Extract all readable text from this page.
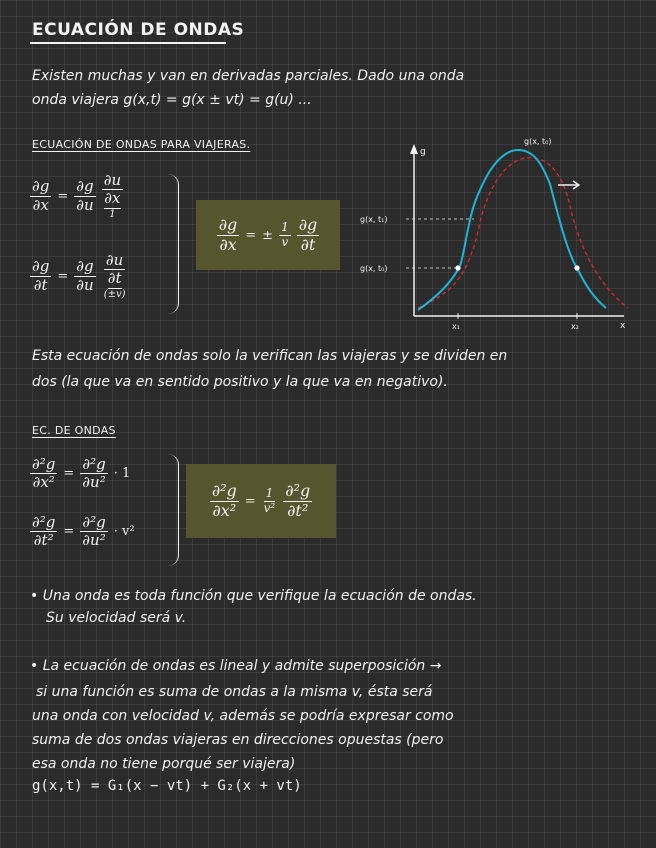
ECUACIÓN DE ONDAS
Existen muchas y van en derivadas parciales. Dado una onda
onda viajera g(x,t) = g(x ± vt) = g(u) ...
ECUACIÓN DE ONDAS PARA VIAJERAS.
$\frac{\partial g}{\partial x} = \frac{\partial g}{\partial u} \partial u$
∂x
1
$\frac{\partial g}{\partial t} = \frac{\partial g}{\partial u} \partial u$
∂t
(±v)
$\frac{\partial g}{\partial x}$ = ± $\frac{1}{v} \frac{\partial g}{\partial t}$
g
x
g(x, t₀)
g(x, t₁)
g(x, t₀)
x₁	x₂
Esta ecuación de ondas solo la verifican las viajeras y se dividen en
dos (la que va en sentido positivo y la que va en negativo).
EC. DE ONDAS
$\frac{\text{∂²g}}{\text{∂x²}} = \frac{\text{∂²g}}{\text{∂u²}} \cdot 1$
$\frac{\text{∂²g}}{\text{∂t²}} = \frac{\text{∂²g}}{\text{∂u²}} \cdot v^2$
$\frac{\text{∂²g}}{\text{∂x²}} = \frac{1}{\text{v²}} \frac{\text{∂²g}}{\text{∂t²}}$
• Una onda es toda función que verifique la ecuación de ondas.
Su velocidad será v.
• La ecuación de ondas es lineal y admite superposición →
si una función es suma de ondas a la misma v, ésta será
una onda con velocidad v, además se podría expresar como
suma de dos ondas viajeras en direcciones opuestas (pero
esa onda no tiene porqué ser viajera)
g(x,t) = G₁(x − vt) + G₂(x + vt)
